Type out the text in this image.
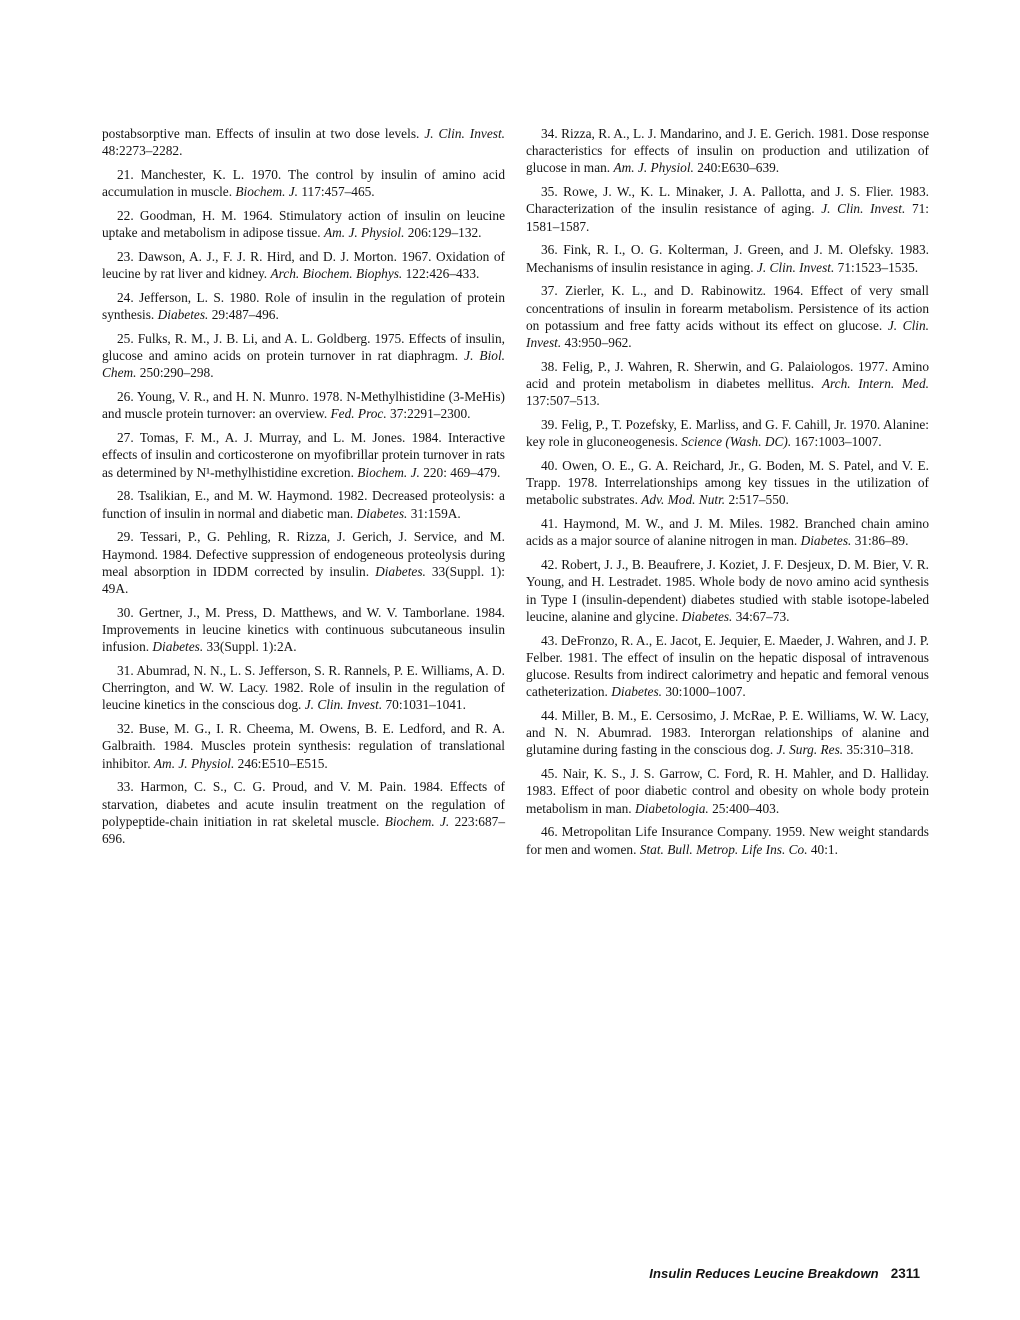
postabsorptive man. Effects of insulin at two dose levels. J. Clin. Invest. 48:2273–2282.

21. Manchester, K. L. 1970. The control by insulin of amino acid accumulation in muscle. Biochem. J. 117:457–465.

22. Goodman, H. M. 1964. Stimulatory action of insulin on leucine uptake and metabolism in adipose tissue. Am. J. Physiol. 206:129–132.

23. Dawson, A. J., F. J. R. Hird, and D. J. Morton. 1967. Oxidation of leucine by rat liver and kidney. Arch. Biochem. Biophys. 122:426–433.

24. Jefferson, L. S. 1980. Role of insulin in the regulation of protein synthesis. Diabetes. 29:487–496.

25. Fulks, R. M., J. B. Li, and A. L. Goldberg. 1975. Effects of insulin, glucose and amino acids on protein turnover in rat diaphragm. J. Biol. Chem. 250:290–298.

26. Young, V. R., and H. N. Munro. 1978. N-Methylhistidine (3-MeHis) and muscle protein turnover: an overview. Fed. Proc. 37:2291–2300.

27. Tomas, F. M., A. J. Murray, and L. M. Jones. 1984. Interactive effects of insulin and corticosterone on myofibrillar protein turnover in rats as determined by N¹-methylhistidine excretion. Biochem. J. 220: 469–479.

28. Tsalikian, E., and M. W. Haymond. 1982. Decreased proteolysis: a function of insulin in normal and diabetic man. Diabetes. 31:159A.

29. Tessari, P., G. Pehling, R. Rizza, J. Gerich, J. Service, and M. Haymond. 1984. Defective suppression of endogeneous proteolysis during meal absorption in IDDM corrected by insulin. Diabetes. 33(Suppl. 1): 49A.

30. Gertner, J., M. Press, D. Matthews, and W. V. Tamborlane. 1984. Improvements in leucine kinetics with continuous subcutaneous insulin infusion. Diabetes. 33(Suppl. 1):2A.

31. Abumrad, N. N., L. S. Jefferson, S. R. Rannels, P. E. Williams, A. D. Cherrington, and W. W. Lacy. 1982. Role of insulin in the regulation of leucine kinetics in the conscious dog. J. Clin. Invest. 70:1031–1041.

32. Buse, M. G., I. R. Cheema, M. Owens, B. E. Ledford, and R. A. Galbraith. 1984. Muscles protein synthesis: regulation of translational inhibitor. Am. J. Physiol. 246:E510–E515.

33. Harmon, C. S., C. G. Proud, and V. M. Pain. 1984. Effects of starvation, diabetes and acute insulin treatment on the regulation of polypeptide-chain initiation in rat skeletal muscle. Biochem. J. 223:687–696.

34. Rizza, R. A., L. J. Mandarino, and J. E. Gerich. 1981. Dose response characteristics for effects of insulin on production and utilization of glucose in man. Am. J. Physiol. 240:E630–639.

35. Rowe, J. W., K. L. Minaker, J. A. Pallotta, and J. S. Flier. 1983. Characterization of the insulin resistance of aging. J. Clin. Invest. 71: 1581–1587.

36. Fink, R. I., O. G. Kolterman, J. Green, and J. M. Olefsky. 1983. Mechanisms of insulin resistance in aging. J. Clin. Invest. 71:1523–1535.

37. Zierler, K. L., and D. Rabinowitz. 1964. Effect of very small concentrations of insulin in forearm metabolism. Persistence of its action on potassium and free fatty acids without its effect on glucose. J. Clin. Invest. 43:950–962.

38. Felig, P., J. Wahren, R. Sherwin, and G. Palaiologos. 1977. Amino acid and protein metabolism in diabetes mellitus. Arch. Intern. Med. 137:507–513.

39. Felig, P., T. Pozefsky, E. Marliss, and G. F. Cahill, Jr. 1970. Alanine: key role in gluconeogenesis. Science (Wash. DC). 167:1003–1007.

40. Owen, O. E., G. A. Reichard, Jr., G. Boden, M. S. Patel, and V. E. Trapp. 1978. Interrelationships among key tissues in the utilization of metabolic substrates. Adv. Mod. Nutr. 2:517–550.

41. Haymond, M. W., and J. M. Miles. 1982. Branched chain amino acids as a major source of alanine nitrogen in man. Diabetes. 31:86–89.

42. Robert, J. J., B. Beaufrere, J. Koziet, J. F. Desjeux, D. M. Bier, V. R. Young, and H. Lestradet. 1985. Whole body de novo amino acid synthesis in Type I (insulin-dependent) diabetes studied with stable isotope-labeled leucine, alanine and glycine. Diabetes. 34:67–73.

43. DeFronzo, R. A., E. Jacot, E. Jequier, E. Maeder, J. Wahren, and J. P. Felber. 1981. The effect of insulin on the hepatic disposal of intravenous glucose. Results from indirect calorimetry and hepatic and femoral venous catheterization. Diabetes. 30:1000–1007.

44. Miller, B. M., E. Cersosimo, J. McRae, P. E. Williams, W. W. Lacy, and N. N. Abumrad. 1983. Interorgan relationships of alanine and glutamine during fasting in the conscious dog. J. Surg. Res. 35:310–318.

45. Nair, K. S., J. S. Garrow, C. Ford, R. H. Mahler, and D. Halliday. 1983. Effect of poor diabetic control and obesity on whole body protein metabolism in man. Diabetologia. 25:400–403.

46. Metropolitan Life Insurance Company. 1959. New weight standards for men and women. Stat. Bull. Metrop. Life Ins. Co. 40:1.

Insulin Reduces Leucine Breakdown 2311
